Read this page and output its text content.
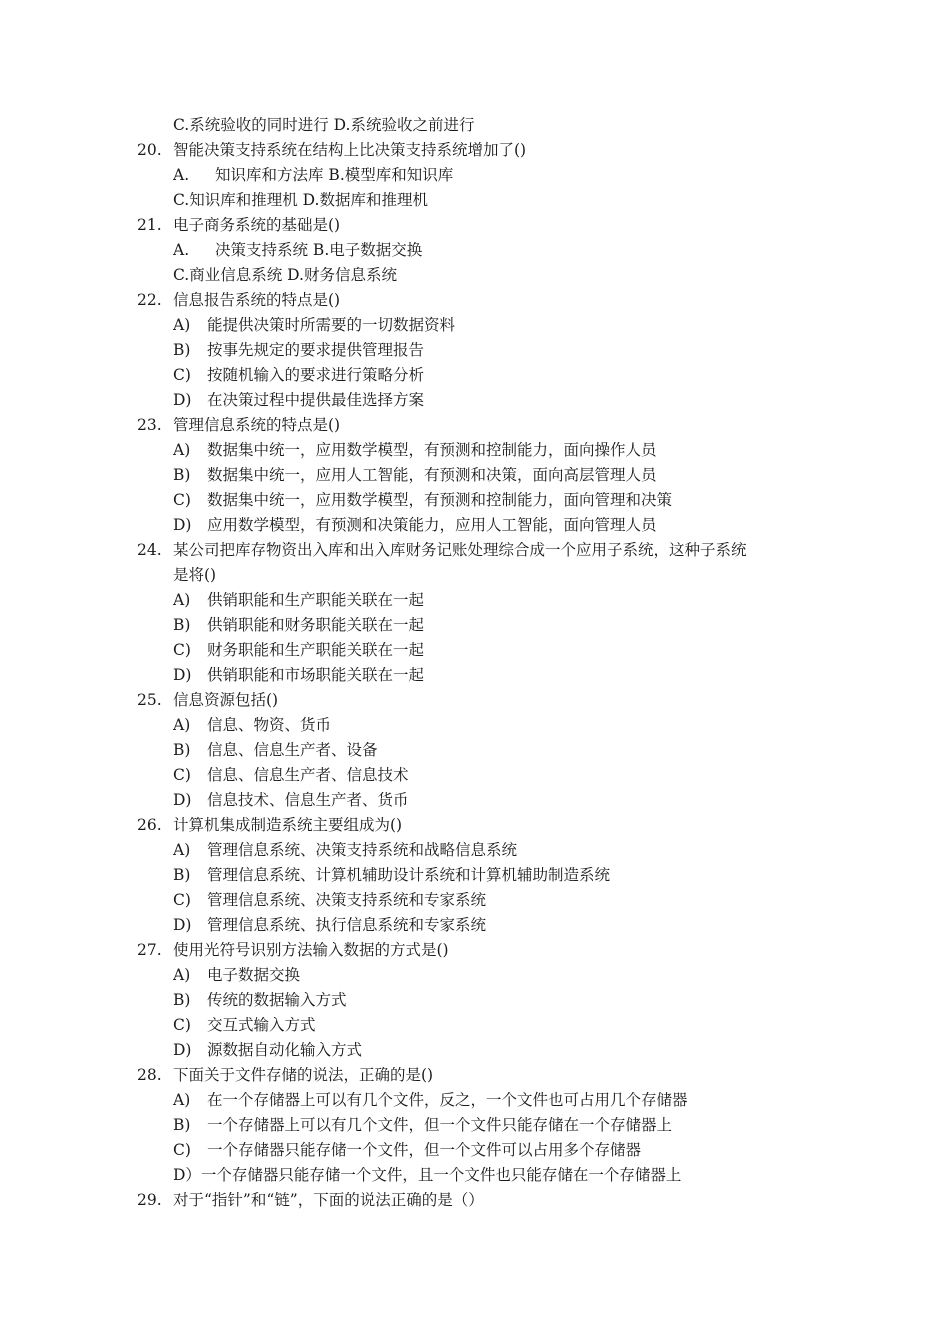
C.系统验收的同时进行 D.系统验收之前进行
20. 智能决策支持系统在结构上比决策支持系统增加了()
A. 知识库和方法库 B.模型库和知识库
C.知识库和推理机 D.数据库和推理机
21. 电子商务系统的基础是()
A. 决策支持系统 B.电子数据交换
C.商业信息系统 D.财务信息系统
22. 信息报告系统的特点是()
A) 能提供决策时所需要的一切数据资料
B) 按事先规定的要求提供管理报告
C) 按随机输入的要求进行策略分析
D) 在决策过程中提供最佳选择方案
23. 管理信息系统的特点是()
A) 数据集中统一，应用数学模型，有预测和控制能力，面向操作人员
B) 数据集中统一，应用人工智能，有预测和决策，面向高层管理人员
C) 数据集中统一，应用数学模型，有预测和控制能力，面向管理和决策
D) 应用数学模型，有预测和决策能力，应用人工智能，面向管理人员
24. 某公司把库存物资出入库和出入库财务记账处理综合成一个应用子系统，这种子系统
是将()
A) 供销职能和生产职能关联在一起
B) 供销职能和财务职能关联在一起
C) 财务职能和生产职能关联在一起
D) 供销职能和市场职能关联在一起
25. 信息资源包括()
A) 信息、物资、货币
B) 信息、信息生产者、设备
C) 信息、信息生产者、信息技术
D) 信息技术、信息生产者、货币
26. 计算机集成制造系统主要组成为()
A) 管理信息系统、决策支持系统和战略信息系统
B) 管理信息系统、计算机辅助设计系统和计算机辅助制造系统
C) 管理信息系统、决策支持系统和专家系统
D) 管理信息系统、执行信息系统和专家系统
27. 使用光符号识别方法输入数据的方式是()
A) 电子数据交换
B) 传统的数据输入方式
C) 交互式输入方式
D) 源数据自动化输入方式
28. 下面关于文件存储的说法，正确的是()
A) 在一个存储器上可以有几个文件，反之，一个文件也可占用几个存储器
B) 一个存储器上可以有几个文件，但一个文件只能存储在一个存储器上
C) 一个存储器只能存储一个文件，但一个文件可以占用多个存储器
D）一个存储器只能存储一个文件，且一个文件也只能存储在一个存储器上
29. 对于“指针”和“链”，下面的说法正确的是（）
